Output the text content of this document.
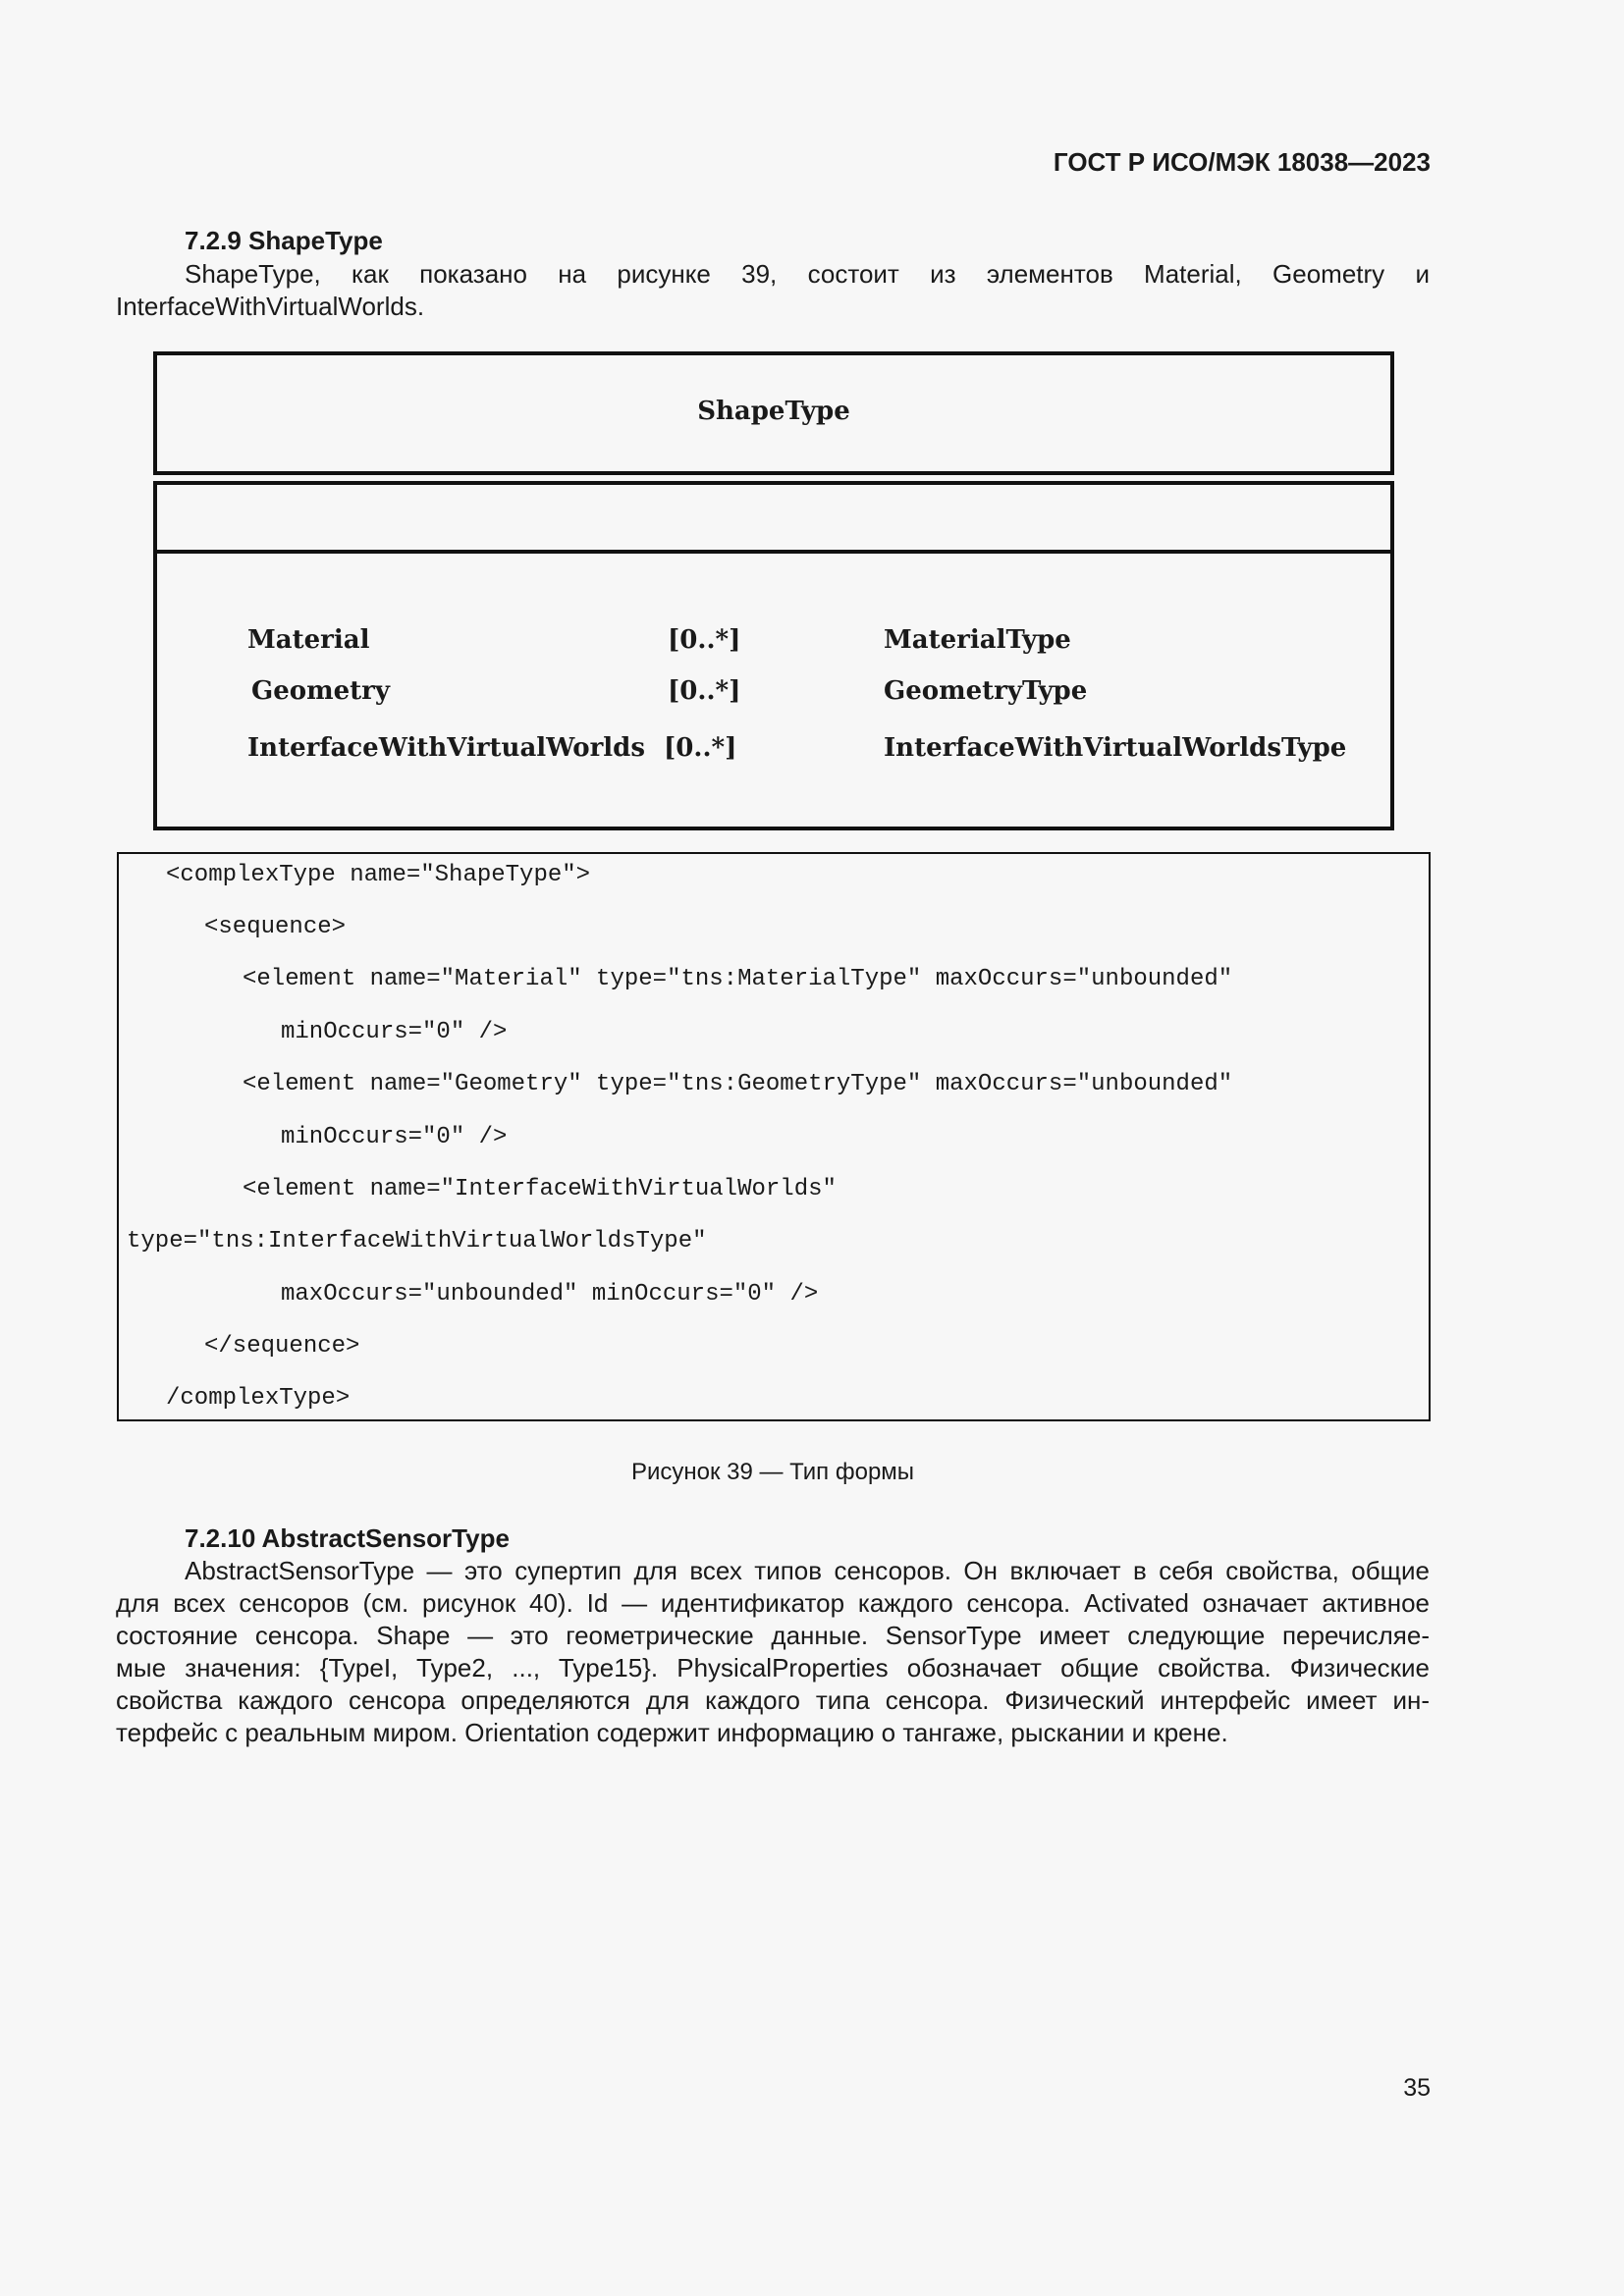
ГОСТ Р ИСО/МЭК 18038—2023
7.2.9 ShapeType
ShapeType, как показано на рисунке 39, состоит из элементов Material, Geometry и
InterfaceWithVirtualWorlds.
ShapeType
Material	[0..*]	MaterialType
Geometry	[0..*]	GeometryType
InterfaceWithVirtualWorlds [0..*]	InterfaceWithVirtualWorldsType
<complexType name="ShapeType">
<sequence>
<element name="Material" type="tns:MaterialType" maxOccurs="unbounded"
minOccurs="0" />
<element name="Geometry" type="tns:GeometryType" maxOccurs="unbounded"
minOccurs="0" />
<element name="InterfaceWithVirtualWorlds"
type="tns:InterfaceWithVirtualWorldsType"
maxOccurs="unbounded" minOccurs="0" />
</sequence>
/complexType>
Рисунок 39 — Тип формы
7.2.10 AbstractSensorType
AbstractSensorType — это супертип для всех типов сенсоров. Он включает в себя свойства, общие
для всех сенсоров (см. рисунок 40). Id — идентификатор каждого сенсора. Activated означает активное
состояние сенсора. Shape — это геометрические данные. SensorType имеет следующие перечисляе-
мые значения: {TypeI, Type2, ..., Type15}. PhysicalProperties обозначает общие свойства. Физические
свойства каждого сенсора определяются для каждого типа сенсора. Физический интерфейс имеет ин-
терфейс с реальным миром. Orientation содержит информацию о тангаже, рыскании и крене.
35
